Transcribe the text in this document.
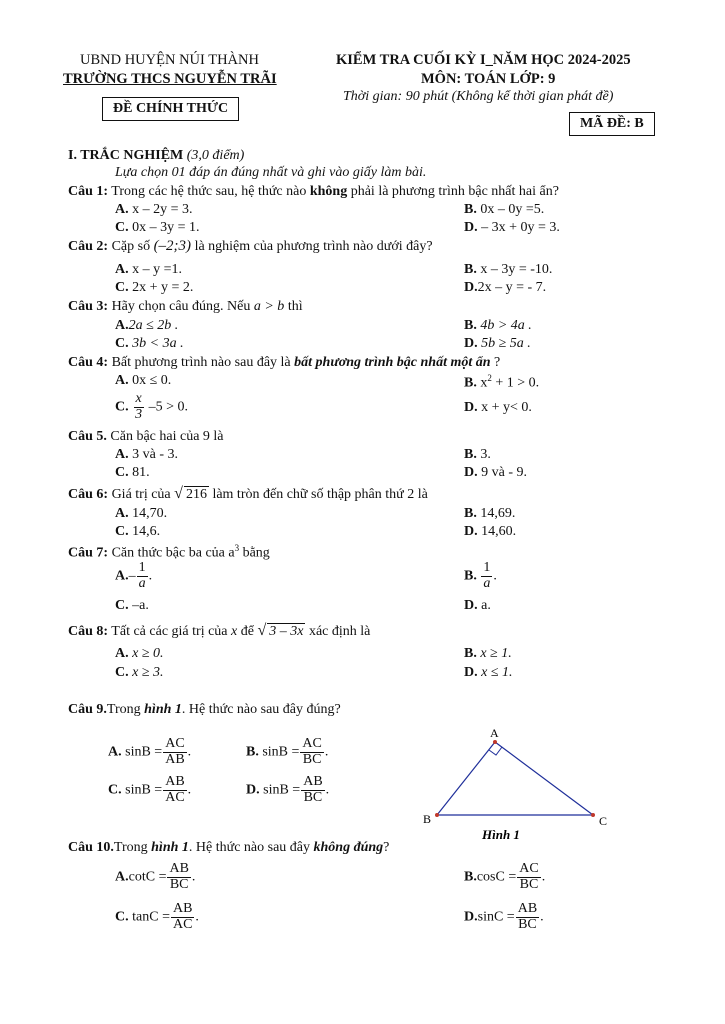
UBND HUYỆN NÚI THÀNH
TRƯỜNG THCS NGUYỄN TRÃI
ĐỀ CHÍNH THỨC
KIỂM TRA CUỐI KỲ I_NĂM HỌC 2024-2025
MÔN: TOÁN LỚP: 9
Thời gian: 90 phút (Không kể thời gian phát đề)
MÃ ĐỀ: B
I. TRẮC NGHIỆM (3,0 điểm)
Lựa chọn 01 đáp án đúng nhất và ghi vào giấy làm bài.
Câu 1: Trong các hệ thức sau, hệ thức nào không phải là phương trình bậc nhất hai ẩn?
A. x – 2y = 3.	B. 0x – 0y =5.
C. 0x – 3y = 1.	D. – 3x + 0y = 3.
Câu 2: Cặp số (–2;3) là nghiệm của phương trình nào dưới đây?
A. x – y =1.	B. x – 3y = -10.
C. 2x + y = 2.	D.2x – y = - 7.
Câu 3: Hãy chọn câu đúng. Nếu a > b thì
A.2a ≤ 2b .	B. 4b > 4a .
C. 3b < 3a .	D. 5b ≥ 5a .
Câu 4: Bất phương trình nào sau đây là bất phương trình bậc nhất một ẩn ?
A. 0x ≤ 0.	B. $x^2 + 1 > 0$.
C. $\frac{x}{3} -5 > 0$.	D. x + y< 0.
Câu 5. Căn bậc hai của 9 là
A. 3 và - 3.	B. 3.
C. 81.	D. 9 và - 9.
Câu 6: Giá trị của √ 216 làm tròn đến chữ số thập phân thứ 2 là
A. 14,70.	B. 14,69.
C. 14,6.	D. 14,60.
Câu 7: Căn thức bậc ba của $a^3$ bằng
$A.- \frac{1}{a}$ .	B. $\frac{1}{a}$ .
C. –a.	D. a.
Câu 8: Tất cả các giá trị của x để √ 3 – 3x xác định là
A. x ≥ 0.	B. x ≥ 1.
C. x ≥ 3.	D. x ≤ 1.
Câu 9.Trong hình 1. Hệ thức nào sau đây đúng?
A. $\sin B = \frac{AC}{AB}$ .	B. $\sin B = \frac{AC}{BC}$ .
C. $\sin B = \frac{AB}{AC}$ .	D. $\sin B = \frac{AB}{BC}$ .
A
B	C
Hình 1
Câu 10.Trong hình 1. Hệ thức nào sau đây không đúng?
$A.\cot C = \frac{AB}{BC}$ .	$B.\cos C = \frac{AC}{BC}$ .
C. $\tan C = \frac{AB}{AC}$ .	$D.\sin C = \frac{AB}{BC}$ .
